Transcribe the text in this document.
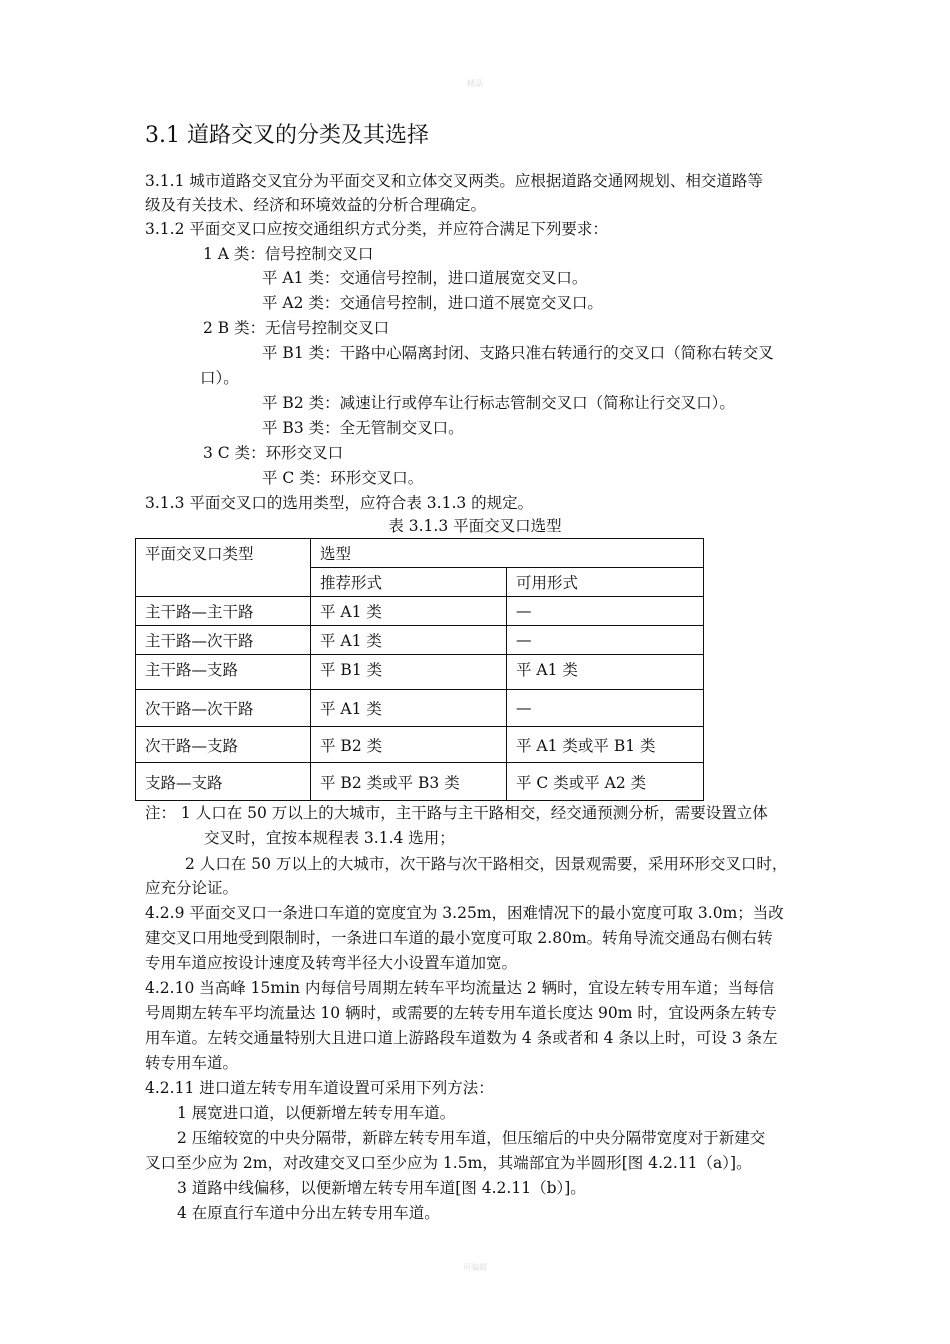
精品
3.1 道路交叉的分类及其选择
3.1.1 城市道路交叉宜分为平面交叉和立体交叉两类。应根据道路交通网规划、相交道路等
级及有关技术、经济和环境效益的分析合理确定。
3.1.2 平面交叉口应按交通组织方式分类，并应符合满足下列要求：
1 A 类：信号控制交叉口
平 A1 类：交通信号控制，进口道展宽交叉口。
平 A2 类：交通信号控制，进口道不展宽交叉口。
2 B 类：无信号控制交叉口
平 B1 类：干路中心隔离封闭、支路只准右转通行的交叉口（简称右转交叉
口）。
平 B2 类：减速让行或停车让行标志管制交叉口（简称让行交叉口）。
平 B3 类：全无管制交叉口。
3 C 类：环形交叉口
平 C 类：环形交叉口。
3.1.3 平面交叉口的选用类型，应符合表 3.1.3 的规定。
表 3.1.3 平面交叉口选型
平面交叉口类型	选型	
	推荐形式	可用形式
主干路—主干路	平 A1 类	—
主干路—次干路	平 A1 类	—
主干路—支路	平 B1 类	平 A1 类
次干路—次干路	平 A1 类	—
次干路—支路	平 B2 类	平 A1 类或平 B1 类
支路—支路	平 B2 类或平 B3 类	平 C 类或平 A2 类
注： 1 人口在 50 万以上的大城市，主干路与主干路相交，经交通预测分析，需要设置立体
交叉时，宜按本规程表 3.1.4 选用；
2 人口在 50 万以上的大城市，次干路与次干路相交，因景观需要，采用环形交叉口时，
应充分论证。
4.2.9 平面交叉口一条进口车道的宽度宜为 3.25m，困难情况下的最小宽度可取 3.0m；当改
建交叉口用地受到限制时，一条进口车道的最小宽度可取 2.80m。转角导流交通岛右侧右转
专用车道应按设计速度及转弯半径大小设置车道加宽。
4.2.10 当高峰 15min 内每信号周期左转车平均流量达 2 辆时，宜设左转专用车道；当每信
号周期左转车平均流量达 10 辆时，或需要的左转专用车道长度达 90m 时，宜设两条左转专
用车道。左转交通量特别大且进口道上游路段车道数为 4 条或者和 4 条以上时，可设 3 条左
转专用车道。
4.2.11 进口道左转专用车道设置可采用下列方法：
1 展宽进口道，以便新增左转专用车道。
2 压缩较宽的中央分隔带，新辟左转专用车道，但压缩后的中央分隔带宽度对于新建交
叉口至少应为 2m，对改建交叉口至少应为 1.5m，其端部宜为半圆形[图 4.2.11（a）]。
3 道路中线偏移，以便新增左转专用车道[图 4.2.11（b）]。
4 在原直行车道中分出左转专用车道。
可编辑
